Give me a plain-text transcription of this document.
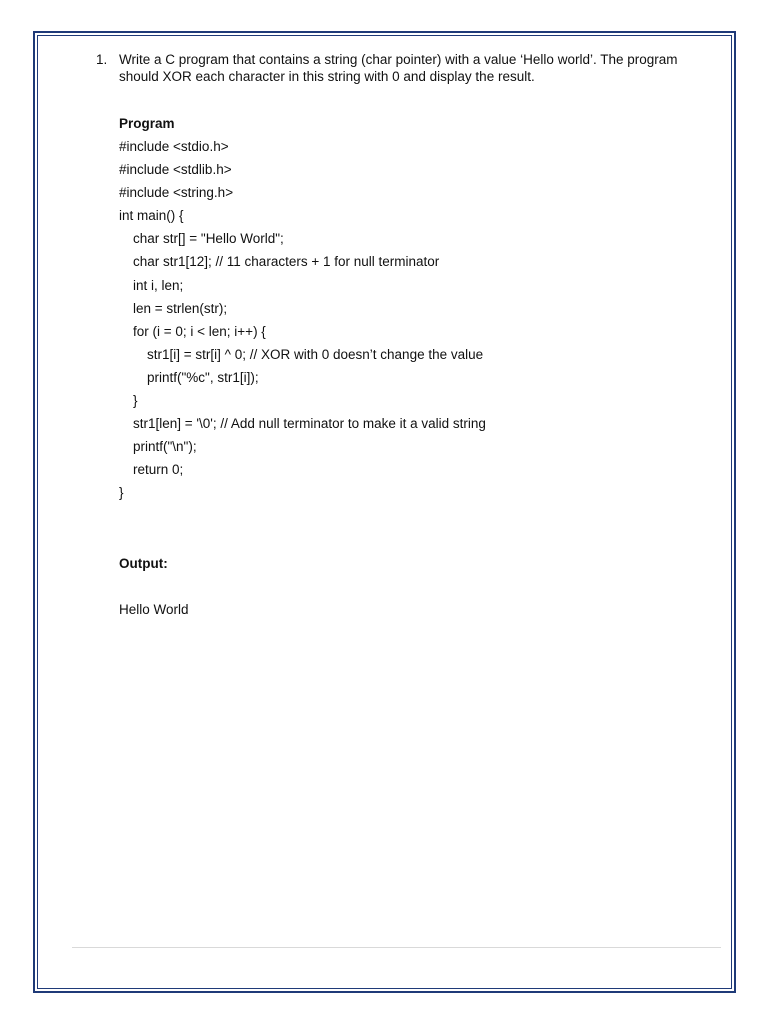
1. Write a C program that contains a string (char pointer) with a value ‘Hello world’. The program should XOR each character in this string with 0 and display the result.
Program
#include <stdio.h>
#include <stdlib.h>
#include <string.h>
int main() {
char str[] = "Hello World";
char str1[12]; // 11 characters + 1 for null terminator
int i, len;
len = strlen(str);
for (i = 0; i < len; i++) {
str1[i] = str[i] ^ 0; // XOR with 0 doesn’t change the value
printf("%c", str1[i]);
}
str1[len] = '\0'; // Add null terminator to make it a valid string
printf("\n");
return 0;
}
Output:
Hello World
